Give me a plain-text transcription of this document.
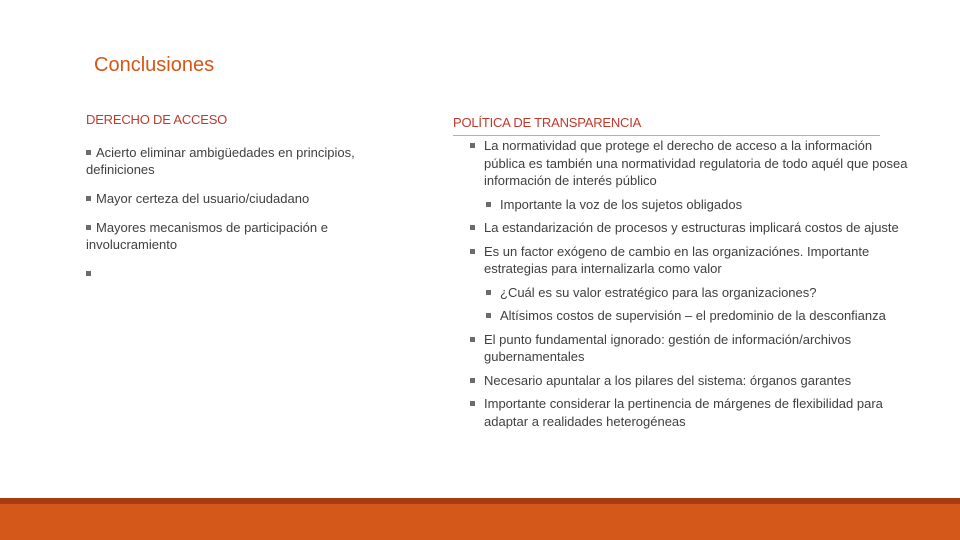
Conclusiones
DERECHO DE ACCESO	POLÍTICA DE TRANSPARENCIA
Acierto eliminar ambigüedades en principios, definiciones
Mayor certeza del usuario/ciudadano
Mayores mecanismos de participación e involucramiento
La normatividad que protege el derecho de acceso a la información pública es también una normatividad regulatoria de todo aquél que posea información de interés público
Importante la voz de los sujetos obligados
La estandarización de procesos y estructuras implicará costos de ajuste
Es un factor exógeno de cambio en las organizaciónes. Importante estrategias para internalizarla como valor
¿Cuál es su valor estratégico para las organizaciones?
Altísimos costos de supervisión – el predominio de la desconfianza
El punto fundamental ignorado: gestión de información/archivos gubernamentales
Necesario apuntalar a los pilares del sistema: órganos garantes
Importante considerar la pertinencia de márgenes de flexibilidad para adaptar a realidades heterogéneas
